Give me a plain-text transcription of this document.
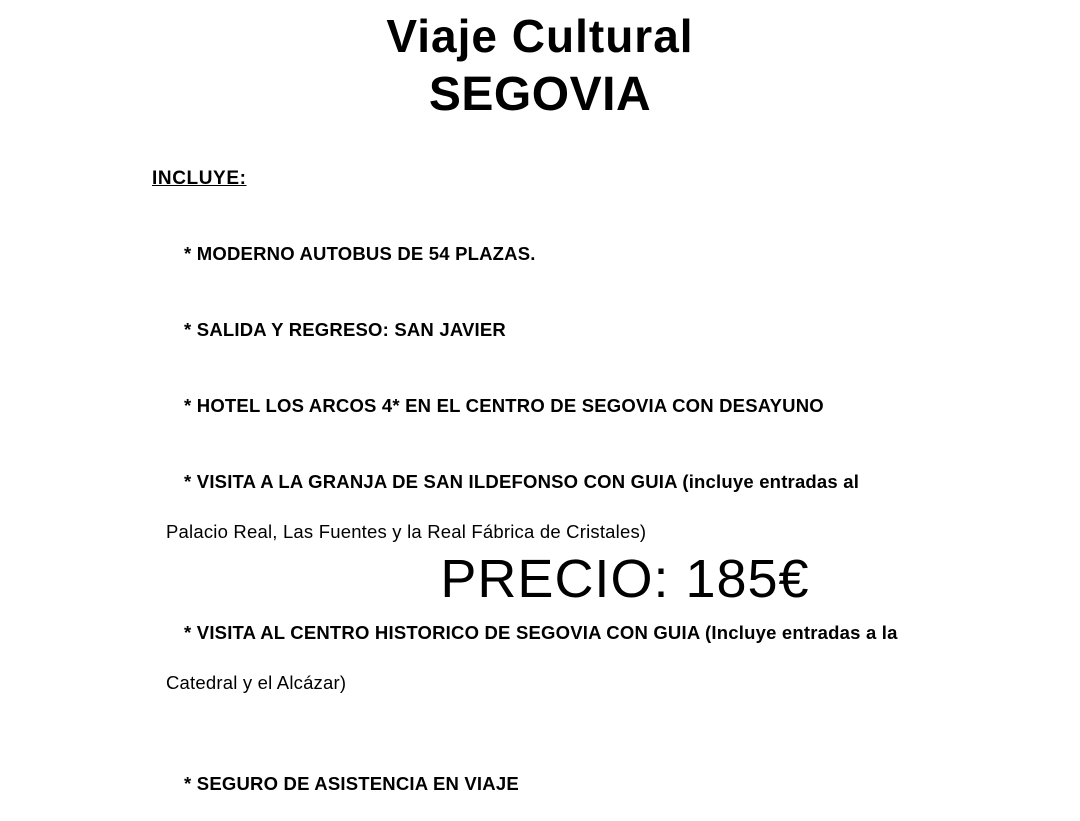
Viaje Cultural
SEGOVIA
INCLUYE:

* MODERNO AUTOBUS DE 54 PLAZAS.

* SALIDA Y REGRESO: SAN JAVIER

* HOTEL LOS ARCOS 4* EN EL CENTRO DE SEGOVIA CON DESAYUNO

* VISITA A LA GRANJA DE SAN ILDEFONSO CON GUIA (incluye entradas al

Palacio Real, Las Fuentes y la Real Fábrica de Cristales)

* VISITA AL CENTRO HISTORICO DE SEGOVIA CON GUIA (Incluye entradas a la

Catedral y el Alcázar)

* SEGURO DE ASISTENCIA EN VIAJE

PRECIO: 185€
